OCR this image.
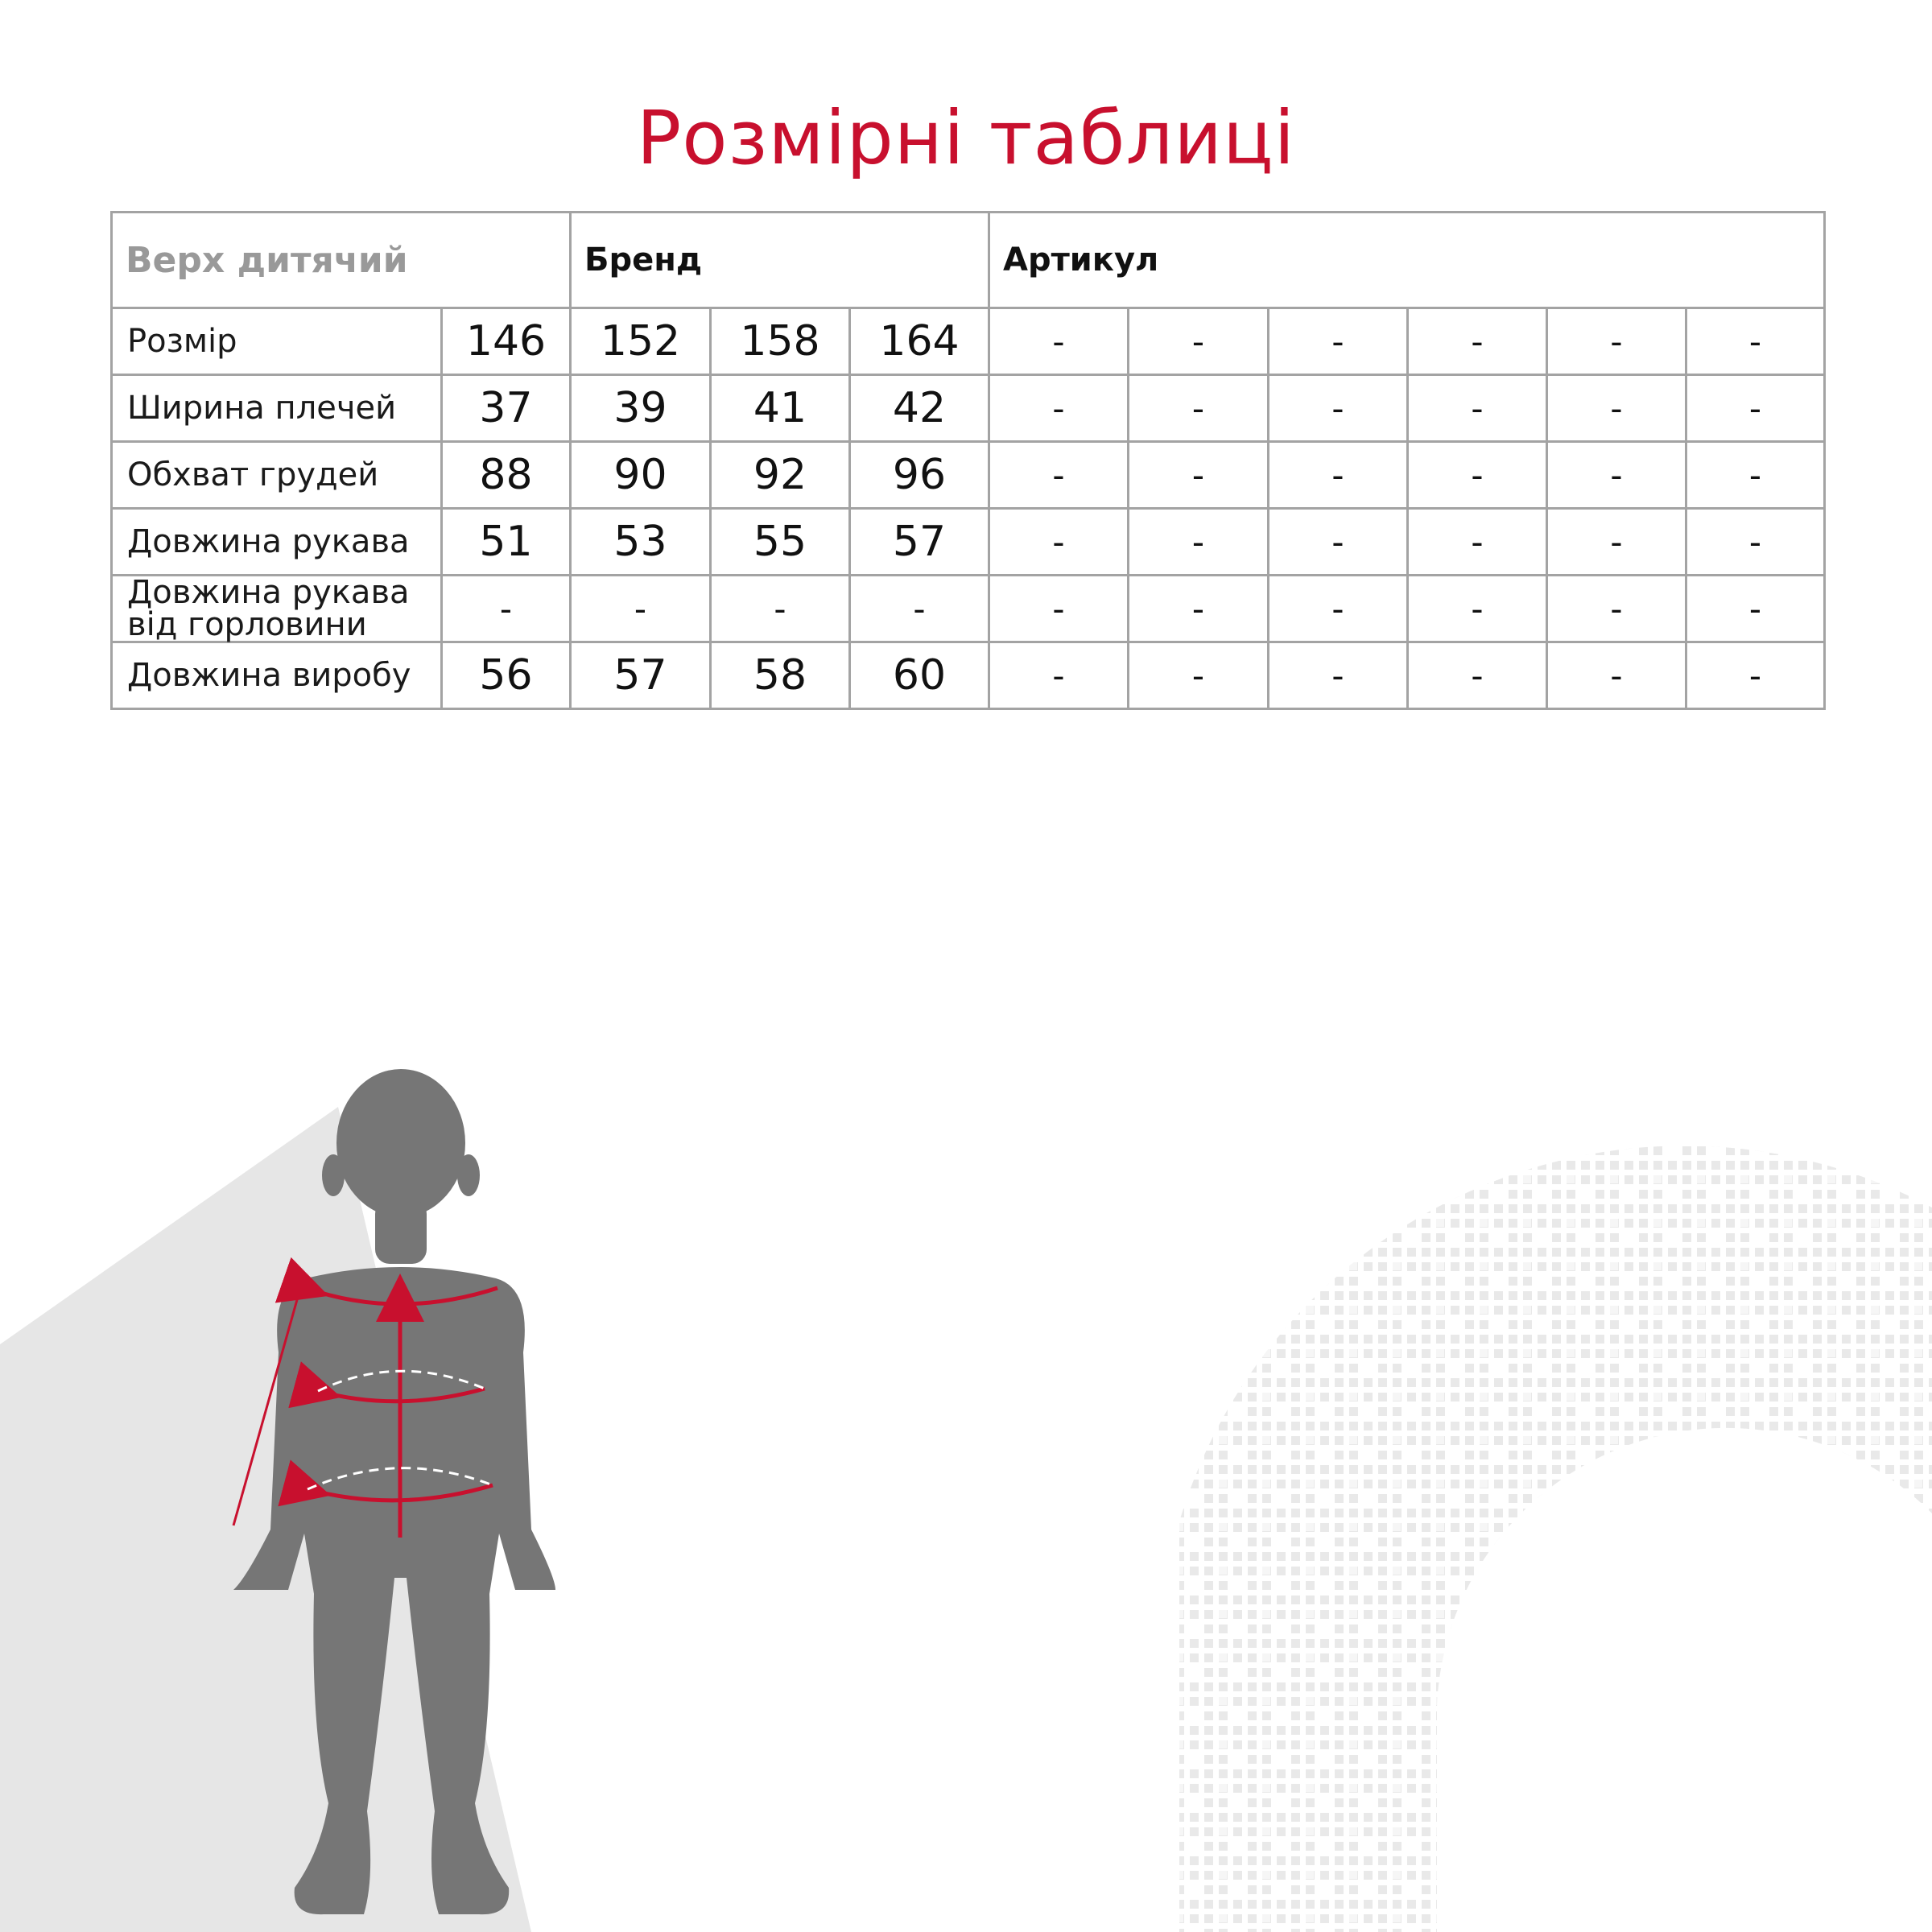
Розмірні таблиці
Верх дитячий		Бренд			Артикул					
Розмір	146	152	158	164	-	-	-	-	-	-
Ширина плечей	37	39	41	42	-	-	-	-	-	-
Обхват грудей	88	90	92	96	-	-	-	-	-	-
Довжина рукава	51	53	55	57	-	-	-	-	-	-
Довжина рукава від горловини	-	-	-	-	-	-	-	-	-	-
Довжина виробу	56	57	58	60	-	-	-	-	-	-
